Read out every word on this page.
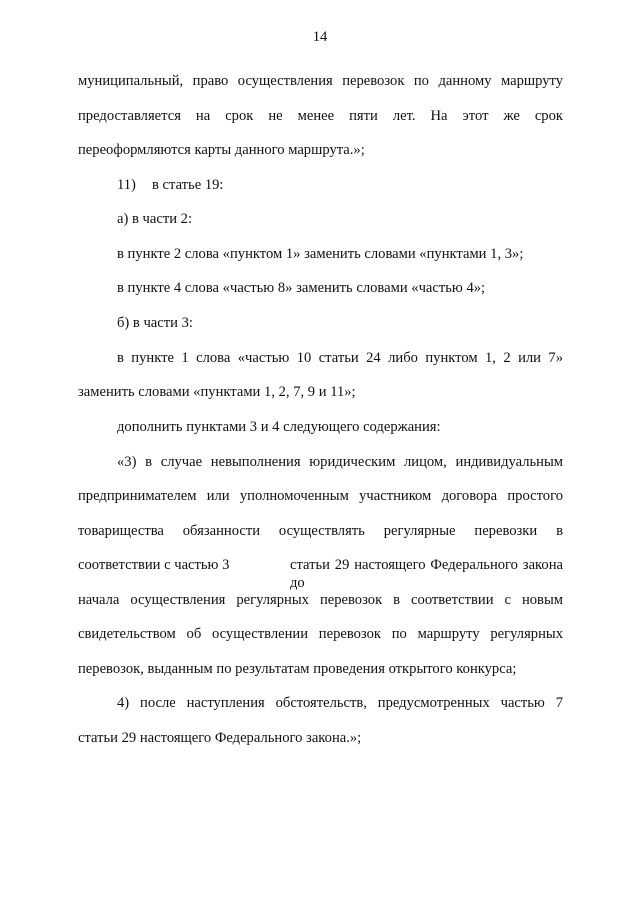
14
муниципальный, право осуществления перевозок по данному маршруту
предоставляется на срок не менее пяти лет. На этот же срок
переоформляются карты данного маршрута.»;
11) в статье 19:
а) в части 2:
в пункте 2 слова «пунктом 1» заменить словами «пунктами 1, 3»;
в пункте 4 слова «частью 8» заменить словами «частью 4»;
б) в части 3:
в пункте 1 слова «частью 10 статьи 24 либо пунктом 1, 2 или 7»
заменить словами «пунктами 1, 2, 7, 9 и 11»;
дополнить пунктами 3 и 4 следующего содержания:
«3) в случае невыполнения юридическим лицом, индивидуальным
предпринимателем или уполномоченным участником договора простого
товарищества обязанности осуществлять регулярные перевозки в
соответствии с частью 3	статьи 29 настоящего Федерального закона до
начала осуществления регулярных перевозок в соответствии с новым
свидетельством об осуществлении перевозок по маршруту регулярных
перевозок, выданным по результатам проведения открытого конкурса;
4) после наступления обстоятельств, предусмотренных частью 7
статьи 29 настоящего Федерального закона.»;
